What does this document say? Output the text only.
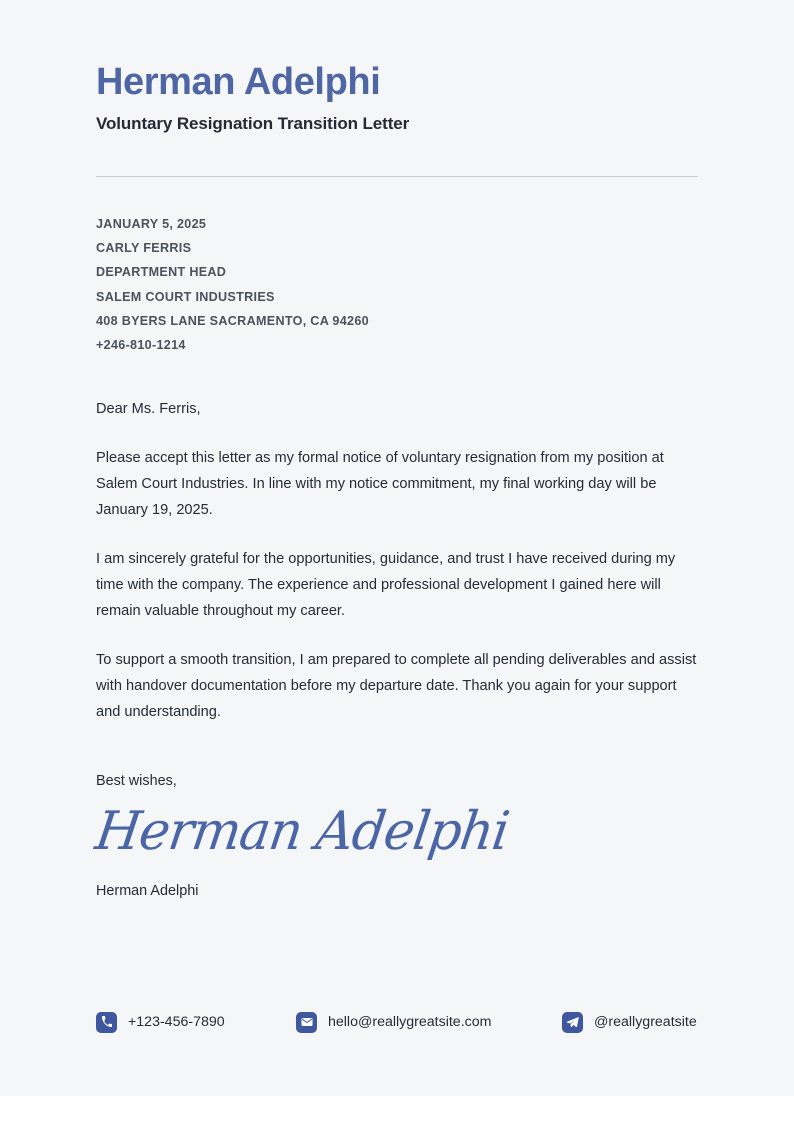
Herman Adelphi
Voluntary Resignation Transition Letter
JANUARY 5, 2025
CARLY FERRIS
DEPARTMENT HEAD
SALEM COURT INDUSTRIES
408 BYERS LANE SACRAMENTO, CA 94260
+246-810-1214
Dear Ms. Ferris,

Please accept this letter as my formal notice of voluntary resignation from my position at Salem Court Industries. In line with my notice commitment, my final working day will be January 19, 2025.

I am sincerely grateful for the opportunities, guidance, and trust I have received during my time with the company. The experience and professional development I gained here will remain valuable throughout my career.

To support a smooth transition, I am prepared to complete all pending deliverables and assist with handover documentation before my departure date. Thank you again for your support and understanding.

Best wishes,
Herman Adelphi
Herman Adelphi
+123-456-7890	hello@reallygreatsite.com	@reallygreatsite
